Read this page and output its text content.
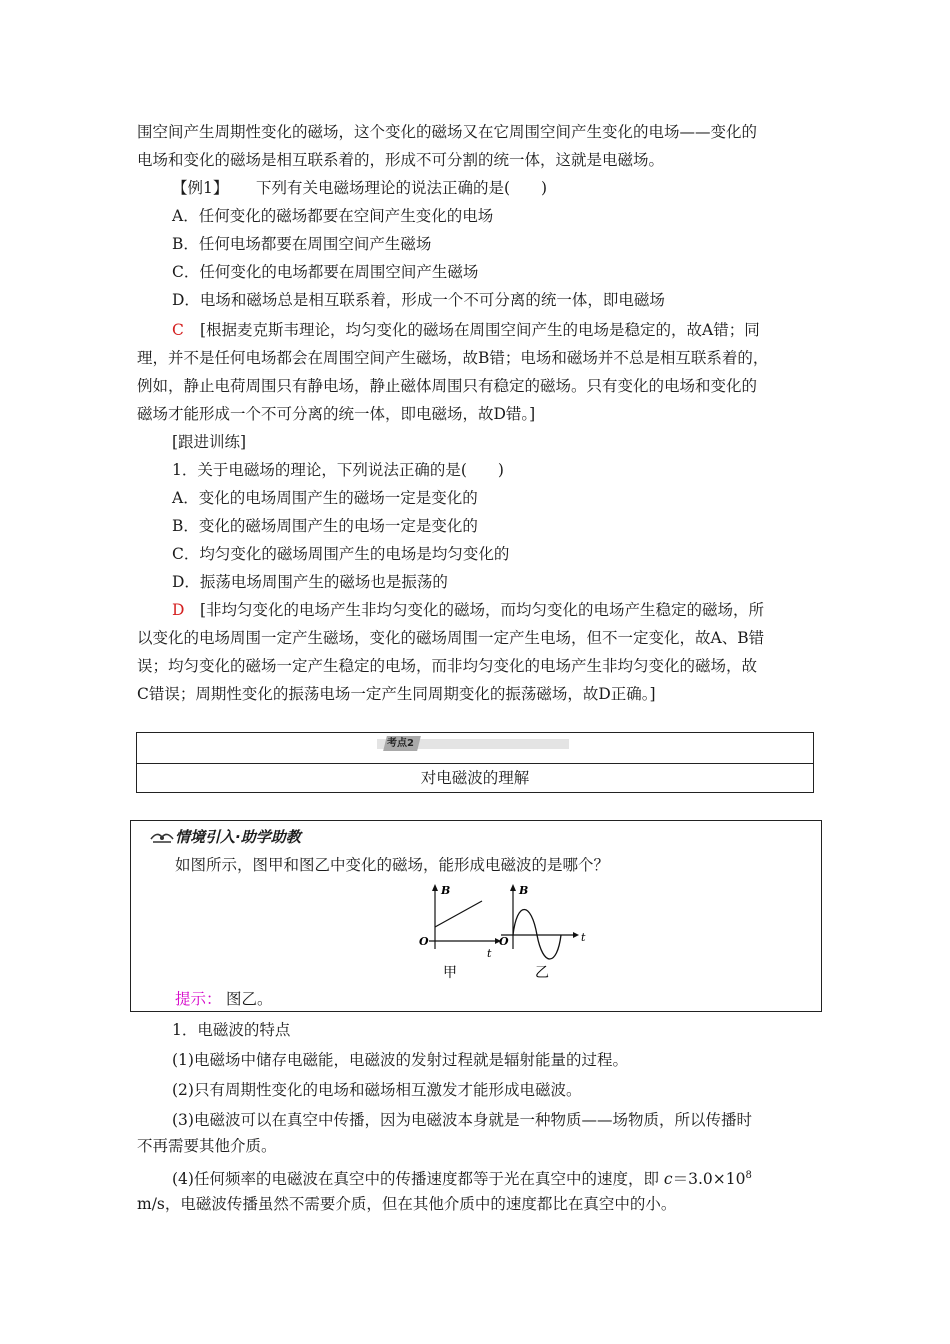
围空间产生周期性变化的磁场，这个变化的磁场又在它周围空间产生变化的电场——变化的
电场和变化的磁场是相互联系着的，形成不可分割的统一体，这就是电磁场。
【例1】 下列有关电磁场理论的说法正确的是(　　)
A．任何变化的磁场都要在空间产生变化的电场
B．任何电场都要在周围空间产生磁场
C．任何变化的电场都要在周围空间产生磁场
D．电场和磁场总是相互联系着，形成一个不可分离的统一体，即电磁场
C [根据麦克斯韦理论，均匀变化的磁场在周围空间产生的电场是稳定的，故A错；同
理，并不是任何电场都会在周围空间产生磁场，故B错；电场和磁场并不总是相互联系着的，
例如，静止电荷周围只有静电场，静止磁体周围只有稳定的磁场。只有变化的电场和变化的
磁场才能形成一个不可分离的统一体，即电磁场，故D错。]
[跟进训练]
1．关于电磁场的理论，下列说法正确的是(　　)
A．变化的电场周围产生的磁场一定是变化的
B．变化的磁场周围产生的电场一定是变化的
C．均匀变化的磁场周围产生的电场是均匀变化的
D．振荡电场周围产生的磁场也是振荡的
D [非均匀变化的电场产生非均匀变化的磁场，而均匀变化的电场产生稳定的磁场，所
以变化的电场周围一定产生磁场，变化的磁场周围一定产生电场，但不一定变化，故A、B错
误；均匀变化的磁场一定产生稳定的电场，而非均匀变化的电场产生非均匀变化的磁场，故
C错误；周期性变化的振荡电场一定产生同周期变化的振荡磁场，故D正确。]
考点2
对电磁波的理解
情境引入·助学助教
如图所示，图甲和图乙中变化的磁场，能形成电磁波的是哪个？
B
t
O
甲
B
t
O
乙
提示： 图乙。
1．电磁波的特点
(1)电磁场中储存电磁能，电磁波的发射过程就是辐射能量的过程。
(2)只有周期性变化的电场和磁场相互激发才能形成电磁波。
(3)电磁波可以在真空中传播，因为电磁波本身就是一种物质——场物质，所以传播时
不再需要其他介质。
(4)任何频率的电磁波在真空中的传播速度都等于光在真空中的速度，即 $c=3.0\times 10^8$
m/s，电磁波传播虽然不需要介质，但在其他介质中的速度都比在真空中的小。
